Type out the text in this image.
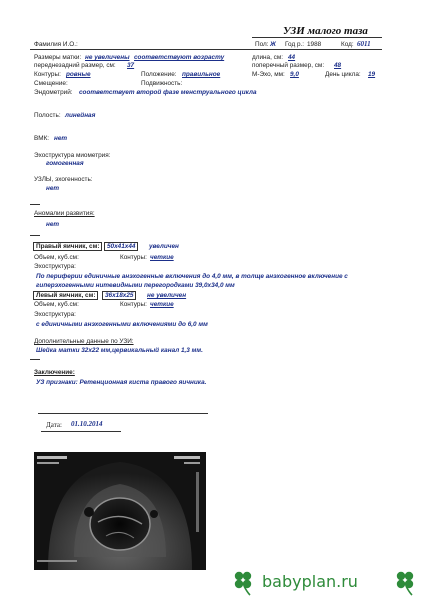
УЗИ малого таза
Фамилия И.О.:	Пол: Ж Год р.: 1988	Код: 6011
Размеры матки: не увеличены соответствуют возрасту	длина, см: 44
переднезадний размер, см: 37	поперечный размер, см: 48
Контуры: ровные	Положение: правильное	М-Эхо, мм: 9,0	День цикла: 19
Смещение:	Подвижность:
Эндометрий: соответствует второй фазе менструального цикла
Полость: линейная
ВМК: нет
Эхоструктура миометрия:
гомогенная
УЗЛЫ, эхогенность:
нет
Аномалии развития:
нет
Правый яичник, см:	50x41x44	увеличен
Объем, куб.см:	Контуры: четкие
Эхоструктура:
По периферии единичные анэхогенные включения до 4,0 мм, в толще анэхогенное включение с
гиперэхогенными нитевидными перегородками 39,0x34,0 мм
Левый яичник, см:	36x18x25	не увеличен
Объем, куб.см:	Контуры: четкие
Эхоструктура:
с единичными анэхогенными включениями до 6,0 мм
Дополнительные данные по УЗИ:
Шейка матки 32x22 мм,цервикальный канал 1,3 мм.
Заключение:
УЗ признаки: Ретенционная киста правого яичника.
Дата: 01.10.2014
babyplan.ru
